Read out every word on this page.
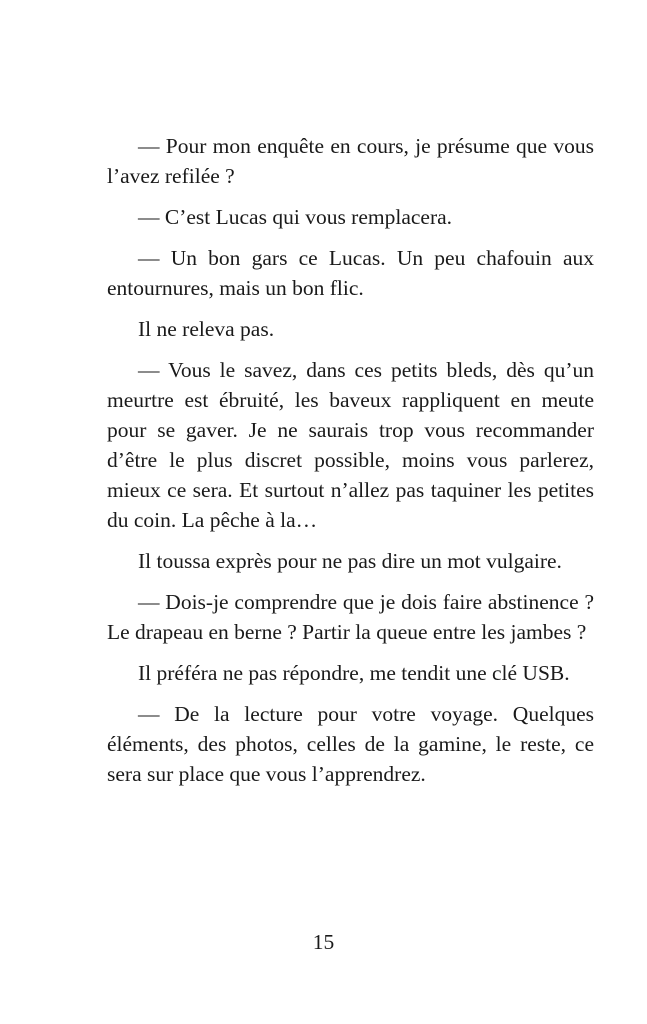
— Pour mon enquête en cours, je présume que vous l’avez refilée ?

— C’est Lucas qui vous remplacera.

— Un bon gars ce Lucas. Un peu chafouin aux entournures, mais un bon flic.

Il ne releva pas.

— Vous le savez, dans ces petits bleds, dès qu’un meurtre est ébruité, les baveux rappliquent en meute pour se gaver. Je ne saurais trop vous recommander d’être le plus discret possible, moins vous parlerez, mieux ce sera. Et surtout n’allez pas taquiner les petites du coin. La pêche à la…

Il toussa exprès pour ne pas dire un mot vulgaire.

— Dois-je comprendre que je dois faire abstinence ? Le drapeau en berne ? Partir la queue entre les jambes ?

Il préféra ne pas répondre, me tendit une clé USB.

— De la lecture pour votre voyage. Quelques éléments, des photos, celles de la gamine, le reste, ce sera sur place que vous l’apprendrez.

15
